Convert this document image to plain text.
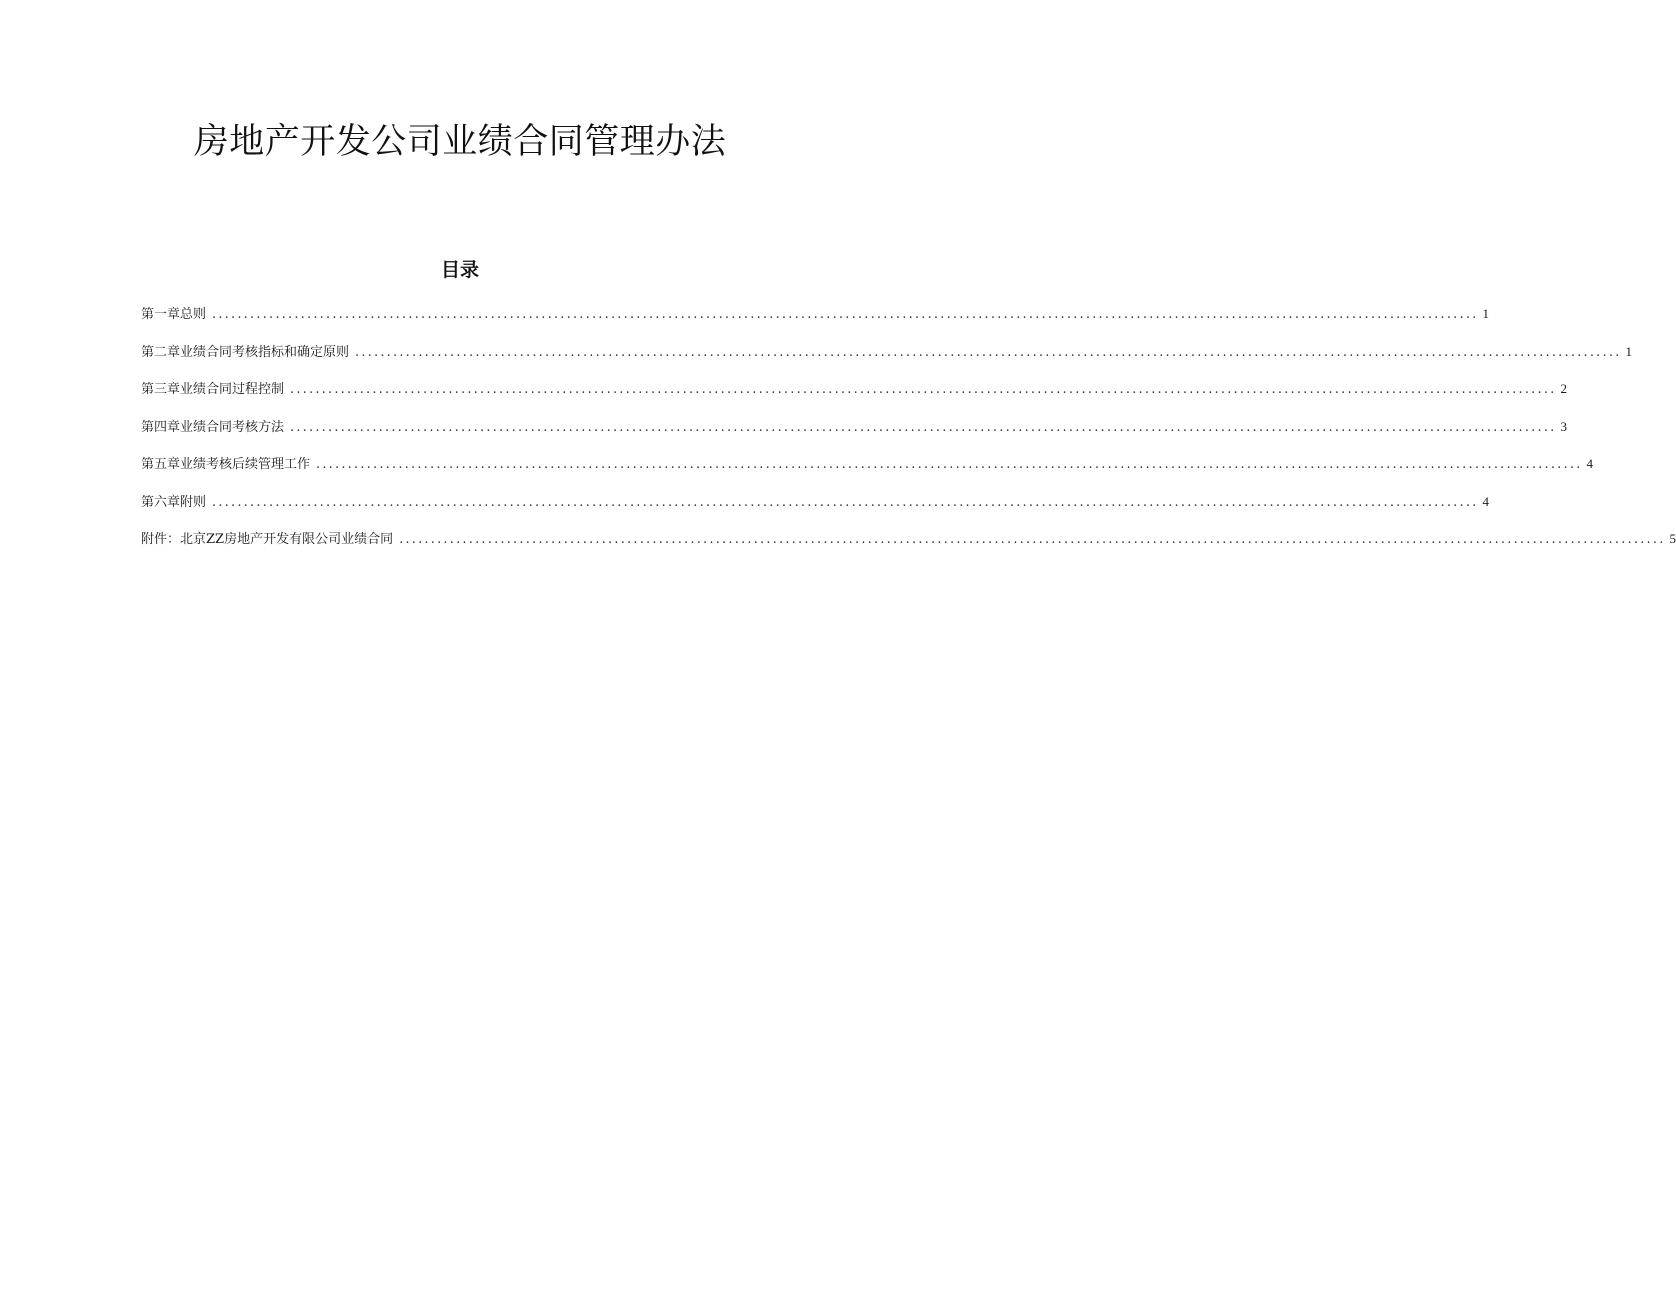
房地产开发公司业绩合同管理办法
目录
第一章总则 ........................................................................................................................................................................................................ 1
第二章业绩合同考核指标和确定原则 ........................................................................................................................................................................................................ 1
第三章业绩合同过程控制 ........................................................................................................................................................................................................ 2
第四章业绩合同考核方法 ........................................................................................................................................................................................................ 3
第五章业绩考核后续管理工作 ........................................................................................................................................................................................................ 4
第六章附则 ........................................................................................................................................................................................................ 4
附件：北京ZZ房地产开发有限公司业绩合同 ........................................................................................................................................................................................................ 5
